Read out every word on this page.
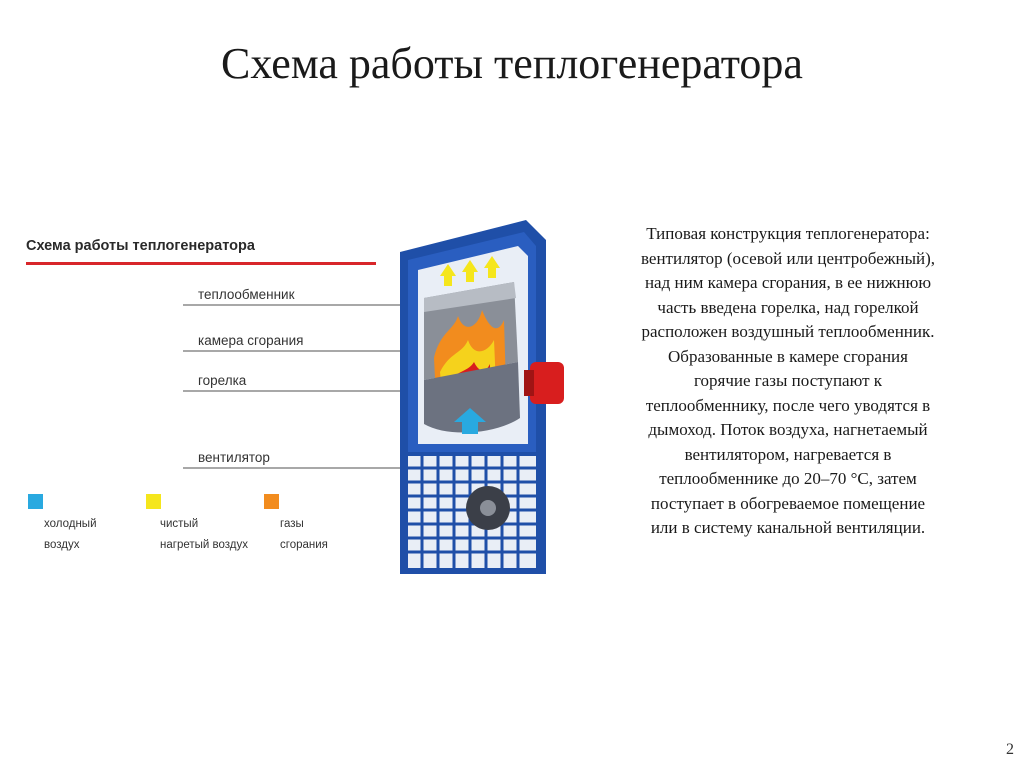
Схема работы теплогенератора
Схема работы теплогенератора
теплообменник
камера сгорания
горелка
вентилятор
холодный
воздух
чистый
нагретый воздух
газы
сгорания
Типовая конструкция теплогенератора:
вентилятор (осевой или центробежный),
над ним камера сгорания, в ее нижнюю
часть введена горелка, над горелкой
расположен воздушный теплообменник.
Образованные в камере сгорания
горячие газы поступают к
теплообменнику, после чего уводятся в
дымоход. Поток воздуха, нагнетаемый
вентилятором, нагревается в
теплообменнике до 20–70 °С, затем
поступает в обогреваемое помещение
или в систему канальной вентиляции.
2
